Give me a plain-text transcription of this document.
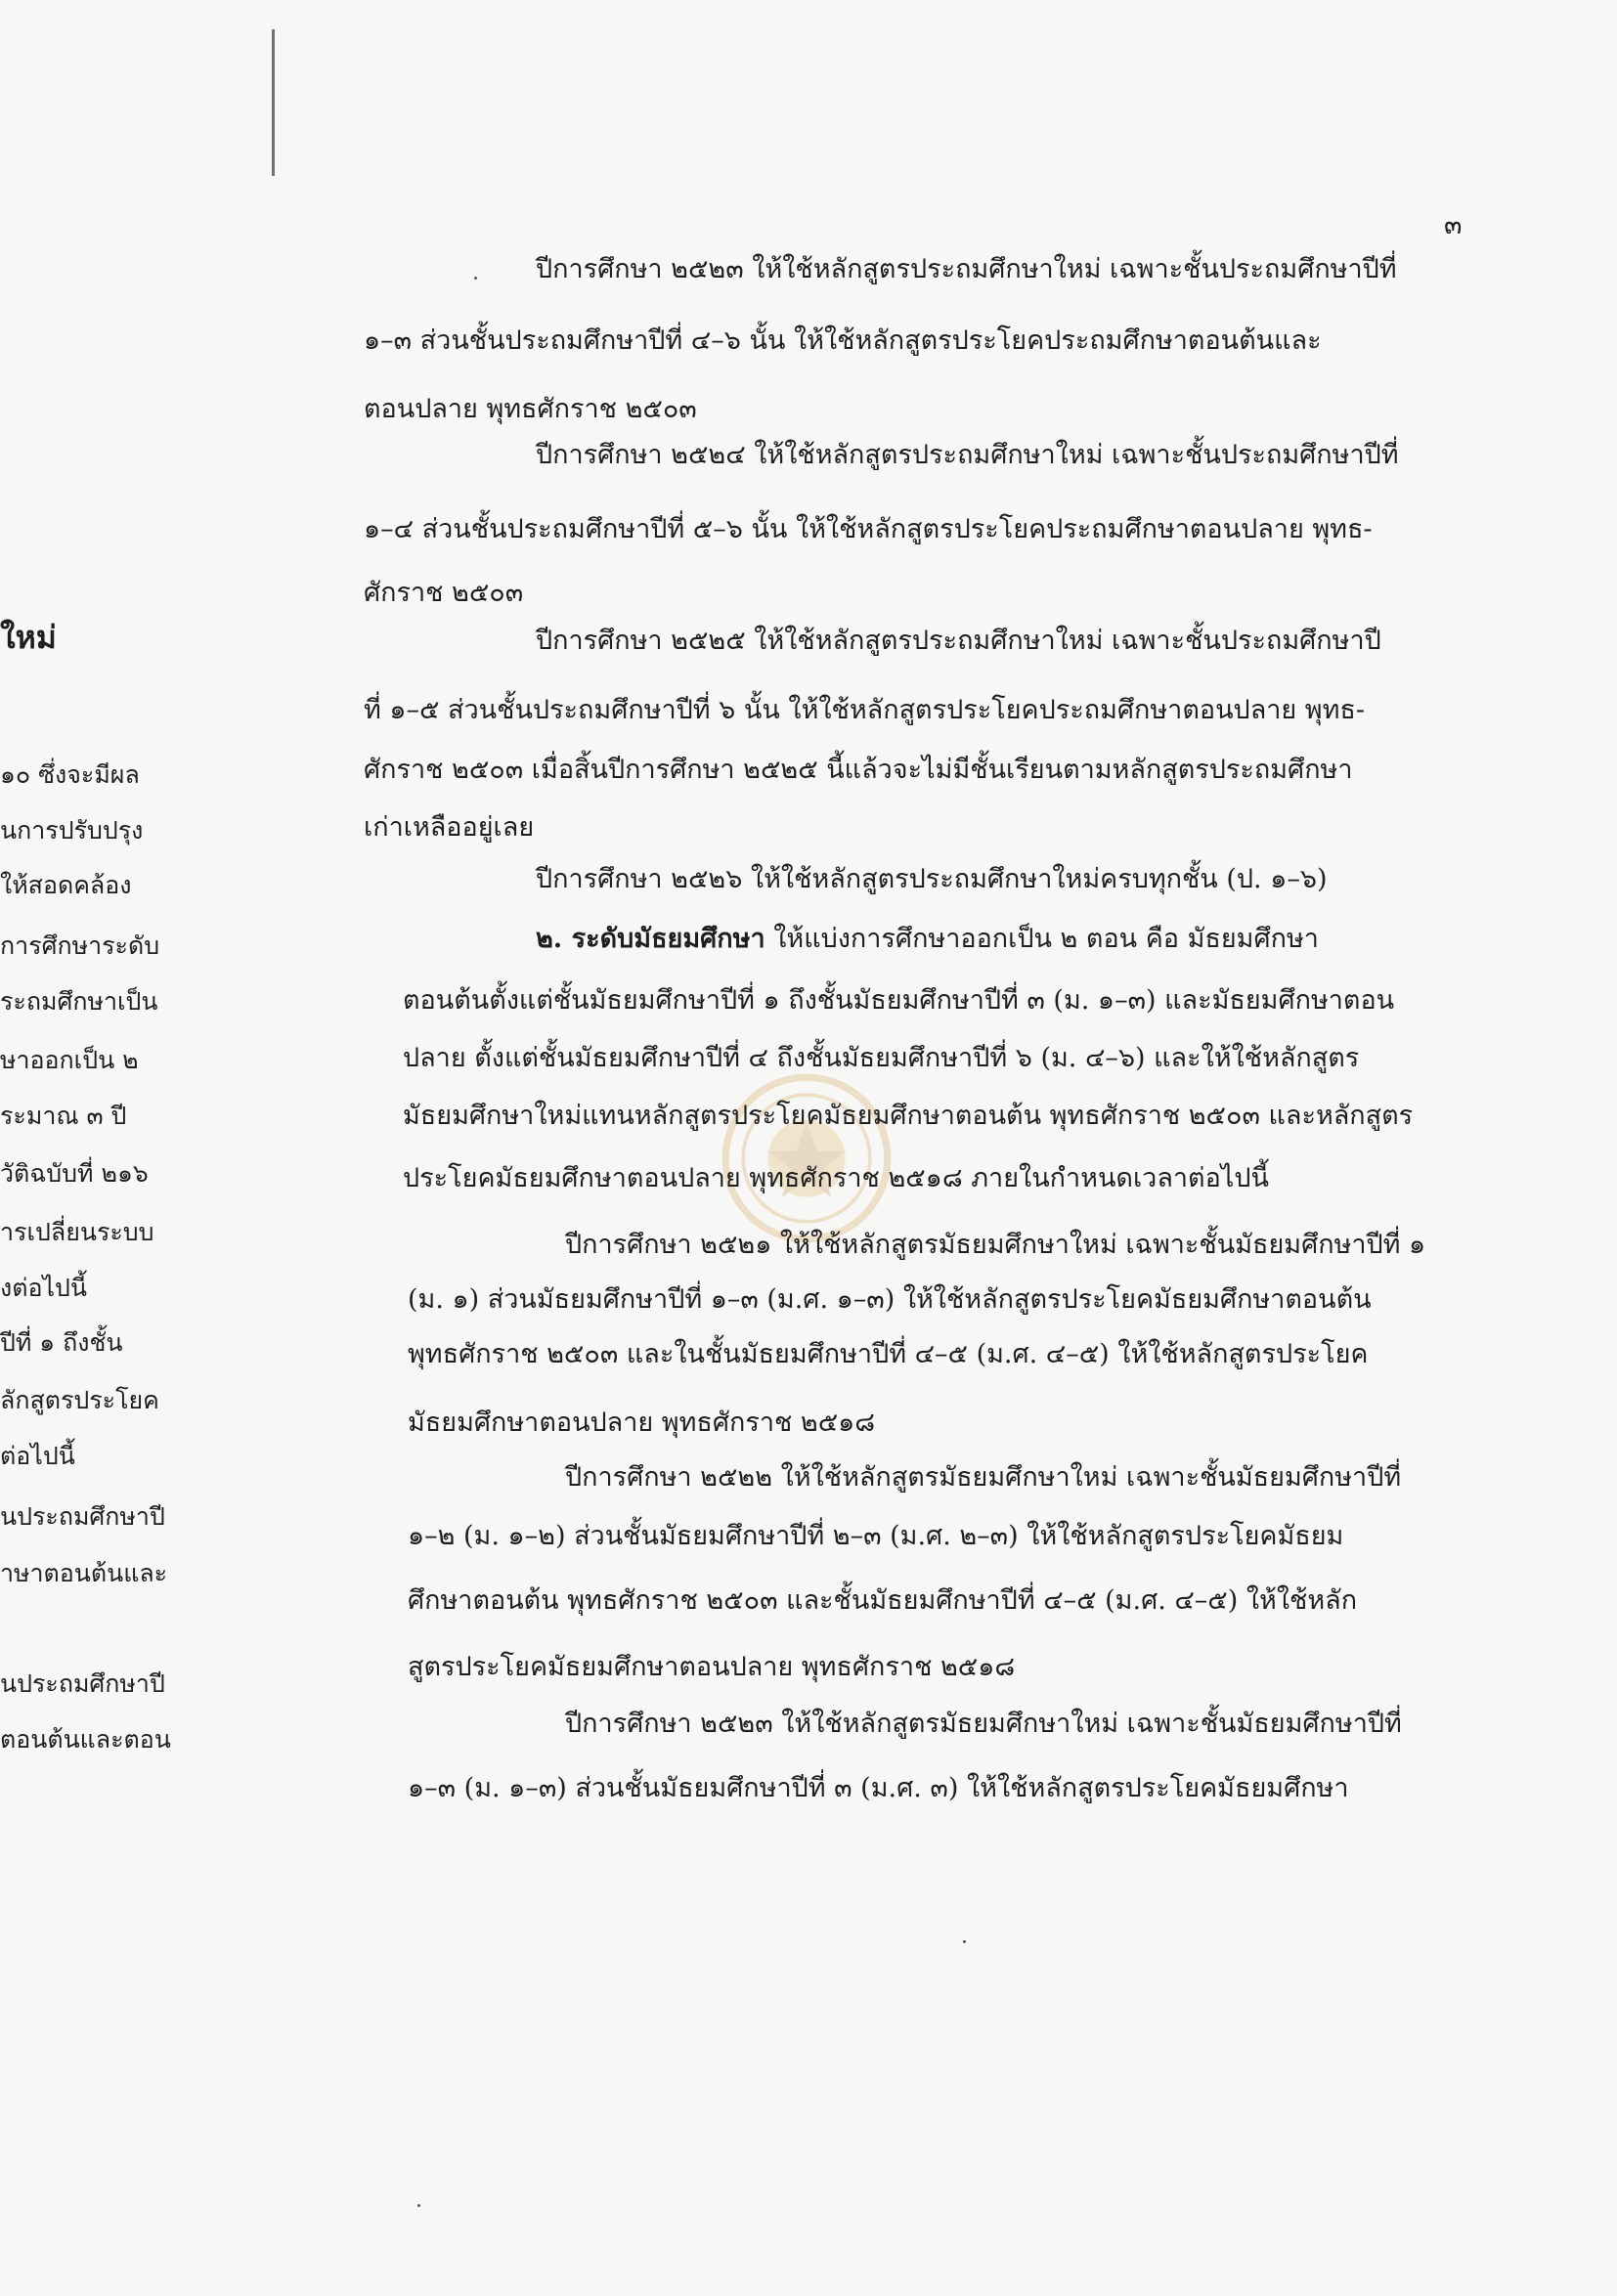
๓
ใหม่
๑๐ ซึ่งจะมีผล
นการปรับปรุง
ให้สอดคล้อง
การศึกษาระดับ
ระถมศึกษาเป็น
ษาออกเป็น ๒
ระมาณ ๓ ปี
วัติฉบับที่ ๒๑๖
ารเปลี่ยนระบบ
ังต่อไปนี้
ปีที่ ๑ ถึงชั้น
ลักสูตรประโยค
ต่อไปนี้
นประถมศึกษาปี
าษาตอนต้นและ
นประถมศึกษาปี
ตอนต้นและตอน
ปีการศึกษา ๒๕๒๓ ให้ใช้หลักสูตรประถมศึกษาใหม่ เฉพาะชั้นประถมศึกษาปีที่
๑–๓ ส่วนชั้นประถมศึกษาปีที่ ๔–๖ นั้น ให้ใช้หลักสูตรประโยคประถมศึกษาตอนต้นและ
ตอนปลาย พุทธศักราช ๒๕๐๓
ปีการศึกษา ๒๕๒๔ ให้ใช้หลักสูตรประถมศึกษาใหม่ เฉพาะชั้นประถมศึกษาปีที่
๑–๔ ส่วนชั้นประถมศึกษาปีที่ ๕–๖ นั้น ให้ใช้หลักสูตรประโยคประถมศึกษาตอนปลาย พุทธ-
ศักราช ๒๕๐๓
ปีการศึกษา ๒๕๒๕ ให้ใช้หลักสูตรประถมศึกษาใหม่ เฉพาะชั้นประถมศึกษาปี
ที่ ๑–๕ ส่วนชั้นประถมศึกษาปีที่ ๖ นั้น ให้ใช้หลักสูตรประโยคประถมศึกษาตอนปลาย พุทธ-
ศักราช ๒๕๐๓ เมื่อสิ้นปีการศึกษา ๒๕๒๕ นี้แล้วจะไม่มีชั้นเรียนตามหลักสูตรประถมศึกษา
เก่าเหลืออยู่เลย
ปีการศึกษา ๒๕๒๖ ให้ใช้หลักสูตรประถมศึกษาใหม่ครบทุกชั้น (ป. ๑–๖)
๒. ระดับมัธยมศึกษา ให้แบ่งการศึกษาออกเป็น ๒ ตอน คือ มัธยมศึกษา
ตอนต้นตั้งแต่ชั้นมัธยมศึกษาปีที่ ๑ ถึงชั้นมัธยมศึกษาปีที่ ๓ (ม. ๑–๓) และมัธยมศึกษาตอน
ปลาย ตั้งแต่ชั้นมัธยมศึกษาปีที่ ๔ ถึงชั้นมัธยมศึกษาปีที่ ๖ (ม. ๔–๖) และให้ใช้หลักสูตร
มัธยมศึกษาใหม่แทนหลักสูตรประโยคมัธยมศึกษาตอนต้น พุทธศักราช ๒๕๐๓ และหลักสูตร
ประโยคมัธยมศึกษาตอนปลาย พุทธศักราช ๒๕๑๘ ภายในกำหนดเวลาต่อไปนี้
ปีการศึกษา ๒๕๒๑ ให้ใช้หลักสูตรมัธยมศึกษาใหม่ เฉพาะชั้นมัธยมศึกษาปีที่ ๑
(ม. ๑) ส่วนมัธยมศึกษาปีที่ ๑–๓ (ม.ศ. ๑–๓) ให้ใช้หลักสูตรประโยคมัธยมศึกษาตอนต้น
พุทธศักราช ๒๕๐๓ และในชั้นมัธยมศึกษาปีที่ ๔–๕ (ม.ศ. ๔–๕) ให้ใช้หลักสูตรประโยค
มัธยมศึกษาตอนปลาย พุทธศักราช ๒๕๑๘
ปีการศึกษา ๒๕๒๒ ให้ใช้หลักสูตรมัธยมศึกษาใหม่ เฉพาะชั้นมัธยมศึกษาปีที่
๑–๒ (ม. ๑–๒) ส่วนชั้นมัธยมศึกษาปีที่ ๒–๓ (ม.ศ. ๒–๓) ให้ใช้หลักสูตรประโยคมัธยม
ศึกษาตอนต้น พุทธศักราช ๒๕๐๓ และชั้นมัธยมศึกษาปีที่ ๔–๕ (ม.ศ. ๔–๕) ให้ใช้หลัก
สูตรประโยคมัธยมศึกษาตอนปลาย พุทธศักราช ๒๕๑๘
ปีการศึกษา ๒๕๒๓ ให้ใช้หลักสูตรมัธยมศึกษาใหม่ เฉพาะชั้นมัธยมศึกษาปีที่
๑–๓ (ม. ๑–๓) ส่วนชั้นมัธยมศึกษาปีที่ ๓ (ม.ศ. ๓) ให้ใช้หลักสูตรประโยคมัธยมศึกษา
